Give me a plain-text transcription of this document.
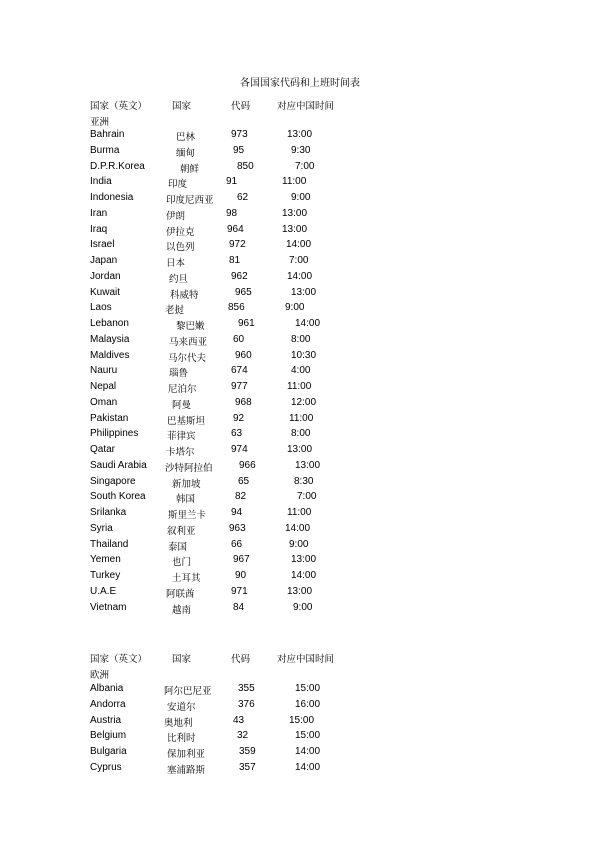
各国国家代码和上班时间表
国家（英文）	国家	代码	对应中国时间
亚洲
Bahrain	巴林	973	13:00
Burma	缅甸	95	9:30
D.P.R.Korea	朝鲜	850	7:00
India	印度	91	11:00
Indonesia	印度尼西亚 62	9:00
Iran	伊朗	98	13:00
Iraq	伊拉克	964	13:00
Israel	以色列	972	14:00
Japan	日本	81	7:00
Jordan	约旦	962	14:00
Kuwait	科威特	965	13:00
Laos	老挝	856	9:00
Lebanon	黎巴嫩	961	14:00
Malaysia	马来西亚	60	8:00
Maldives	马尔代夫	960	10:30
Nauru	瑙鲁	674	4:00
Nepal	尼泊尔	977	11:00
Oman	阿曼	968	12:00
Pakistan	巴基斯坦	92	11:00
Philippines	菲律宾	63	8:00
Qatar	卡塔尔	974	13:00
Saudi Arabia 沙特阿拉伯	966	13:00
Singapore	新加坡	65	8:30
South Korea	韩国	82	7:00
Srilanka	斯里兰卡 94	11:00
Syria	叙利亚	963	14:00
Thailand	泰国	66	9:00
Yemen	也门	967	13:00
Turkey	土耳其	90	14:00
U.A.E	阿联酋	971	13:00
Vietnam	越南	84	9:00
国家（英文）	国家	代码	对应中国时间
欧洲
Albania	阿尔巴尼亚	355	15:00
Andorra	安道尔	376	16:00
Austria	奥地利	43	15:00
Belgium	比利时	32	15:00
Bulgaria	保加利亚	359	14:00
Cyprus	塞浦路斯	357	14:00
